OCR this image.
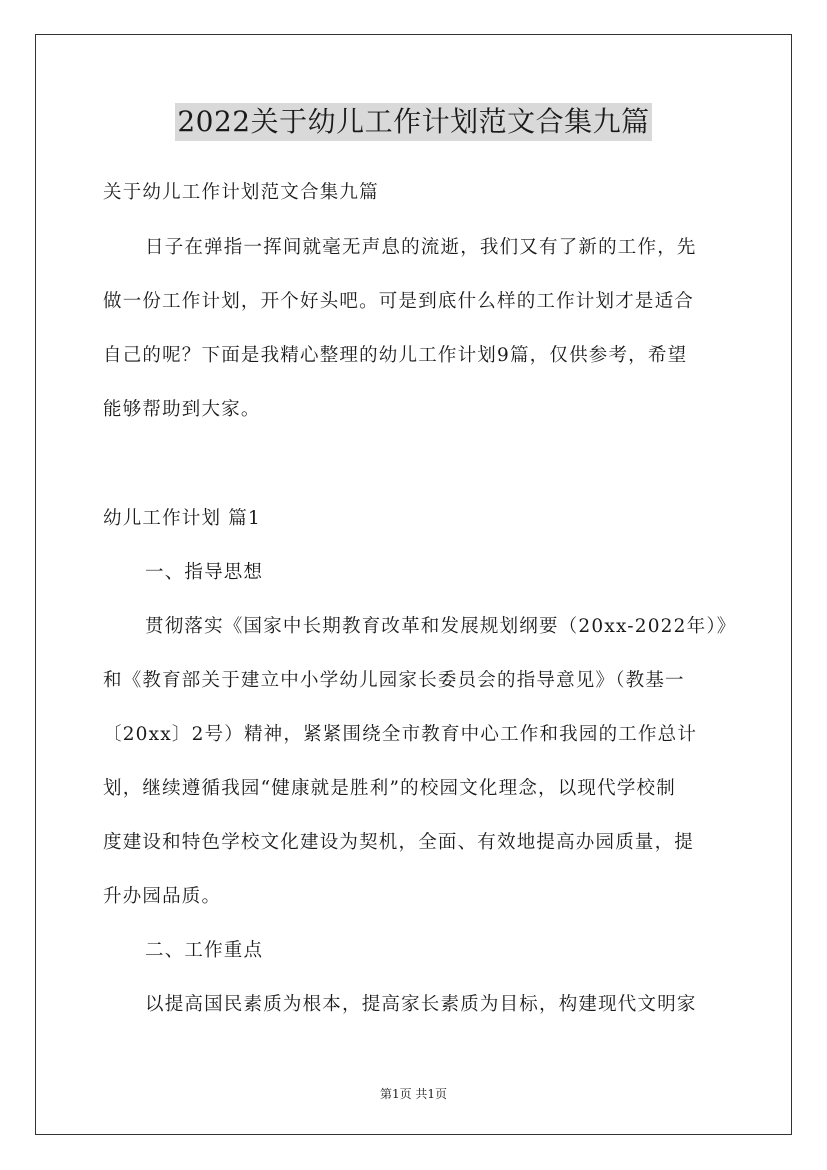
2022关于幼儿工作计划范文合集九篇
关于幼儿工作计划范文合集九篇
日子在弹指一挥间就毫无声息的流逝，我们又有了新的工作，先
做一份工作计划，开个好头吧。可是到底什么样的工作计划才是适合
自己的呢？下面是我精心整理的幼儿工作计划9篇，仅供参考，希望
能够帮助到大家。
幼儿工作计划 篇1
一、指导思想
贯彻落实《国家中长期教育改革和发展规划纲要（20xx-2022年）》
和《教育部关于建立中小学幼儿园家长委员会的指导意见》（教基一
〔20xx〕2号）精神，紧紧围绕全市教育中心工作和我园的工作总计
划，继续遵循我园“健康就是胜利”的校园文化理念，以现代学校制
度建设和特色学校文化建设为契机，全面、有效地提高办园质量，提
升办园品质。
二、工作重点
以提高国民素质为根本，提高家长素质为目标，构建现代文明家
第1页 共1页
